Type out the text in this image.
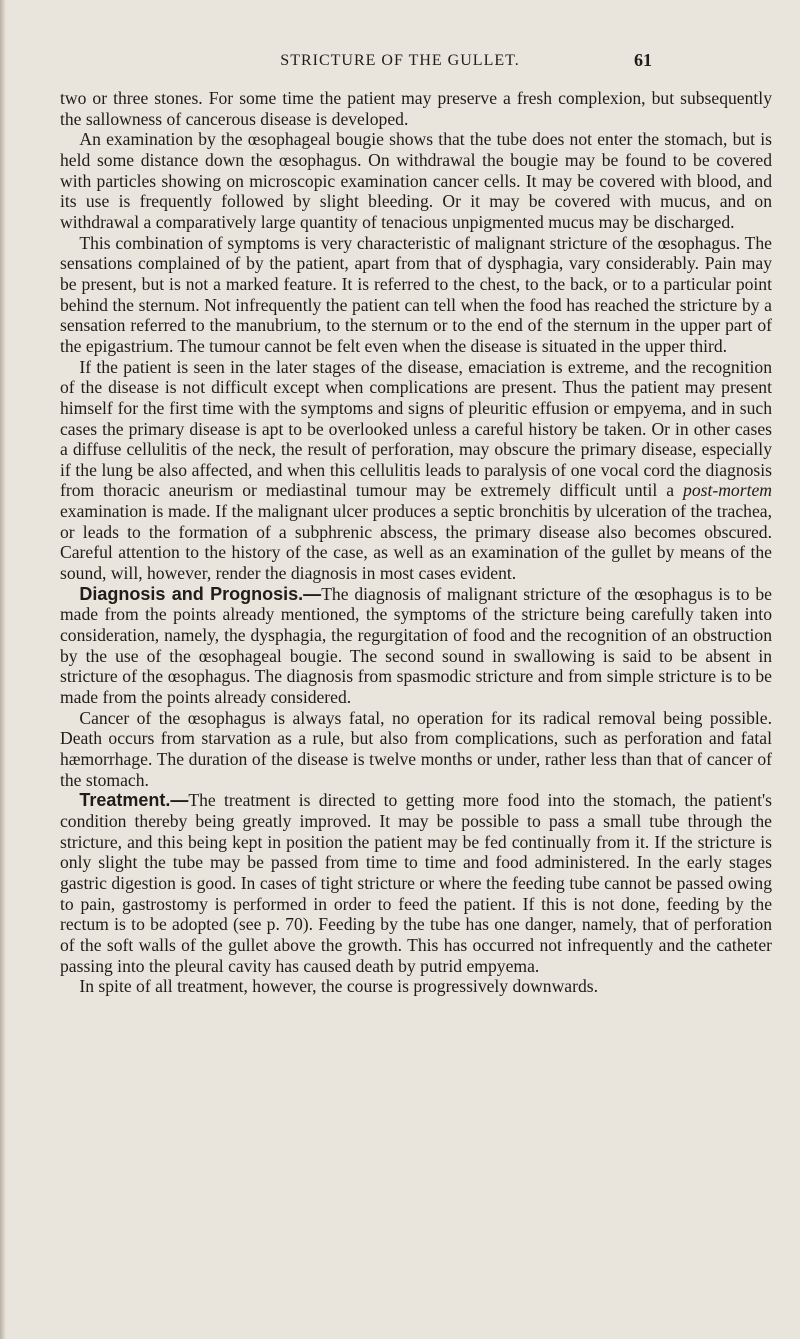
STRICTURE OF THE GULLET.	61

two or three stones. For some time the patient may preserve a fresh complexion, but subsequently the sallowness of cancerous disease is developed.

An examination by the œsophageal bougie shows that the tube does not enter the stomach, but is held some distance down the œsophagus. On withdrawal the bougie may be found to be covered with particles showing on microscopic examination cancer cells. It may be covered with blood, and its use is frequently followed by slight bleeding. Or it may be covered with mucus, and on withdrawal a comparatively large quantity of tenacious unpigmented mucus may be discharged.

This combination of symptoms is very characteristic of malignant stricture of the œsophagus. The sensations complained of by the patient, apart from that of dysphagia, vary considerably. Pain may be present, but is not a marked feature. It is referred to the chest, to the back, or to a particular point behind the sternum. Not infrequently the patient can tell when the food has reached the stricture by a sensation referred to the manubrium, to the sternum or to the end of the sternum in the upper part of the epigastrium. The tumour cannot be felt even when the disease is situated in the upper third.

If the patient is seen in the later stages of the disease, emaciation is extreme, and the recognition of the disease is not difficult except when complications are present. Thus the patient may present himself for the first time with the symptoms and signs of pleuritic effusion or empyema, and in such cases the primary disease is apt to be overlooked unless a careful history be taken. Or in other cases a diffuse cellulitis of the neck, the result of perforation, may obscure the primary disease, especially if the lung be also affected, and when this cellulitis leads to paralysis of one vocal cord the diagnosis from thoracic aneurism or mediastinal tumour may be extremely difficult until a post-mortem examination is made. If the malignant ulcer produces a septic bronchitis by ulceration of the trachea, or leads to the formation of a subphrenic abscess, the primary disease also becomes obscured. Careful attention to the history of the case, as well as an examination of the gullet by means of the sound, will, however, render the diagnosis in most cases evident.

Diagnosis and Prognosis.—The diagnosis of malignant stricture of the œsophagus is to be made from the points already mentioned, the symptoms of the stricture being carefully taken into consideration, namely, the dysphagia, the regurgitation of food and the recognition of an obstruction by the use of the œsophageal bougie. The second sound in swallowing is said to be absent in stricture of the œsophagus. The diagnosis from spasmodic stricture and from simple stricture is to be made from the points already considered.

Cancer of the œsophagus is always fatal, no operation for its radical removal being possible. Death occurs from starvation as a rule, but also from complications, such as perforation and fatal hæmorrhage. The duration of the disease is twelve months or under, rather less than that of cancer of the stomach.

Treatment.—The treatment is directed to getting more food into the stomach, the patient's condition thereby being greatly improved. It may be possible to pass a small tube through the stricture, and this being kept in position the patient may be fed continually from it. If the stricture is only slight the tube may be passed from time to time and food administered. In the early stages gastric digestion is good. In cases of tight stricture or where the feeding tube cannot be passed owing to pain, gastrostomy is performed in order to feed the patient. If this is not done, feeding by the rectum is to be adopted (see p. 70). Feeding by the tube has one danger, namely, that of perforation of the soft walls of the gullet above the growth. This has occurred not infrequently and the catheter passing into the pleural cavity has caused death by putrid empyema.

In spite of all treatment, however, the course is progressively downwards.
